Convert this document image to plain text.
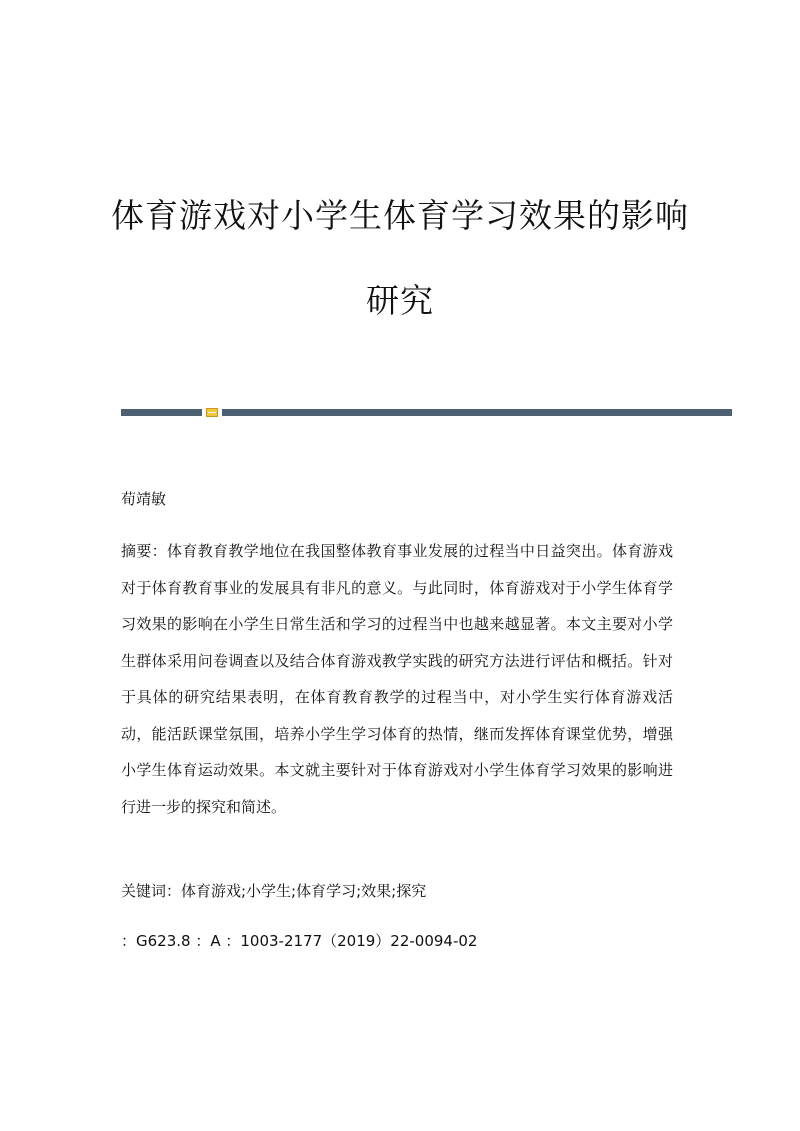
体育游戏对小学生体育学习效果的影响
研究
荀靖敏
摘要：体育教育教学地位在我国整体教育事业发展的过程当中日益突出。体育游戏对于体育教育事业的发展具有非凡的意义。与此同时，体育游戏对于小学生体育学习效果的影响在小学生日常生活和学习的过程当中也越来越显著。本文主要对小学生群体采用问卷调查以及结合体育游戏教学实践的研究方法进行评估和概括。针对于具体的研究结果表明，在体育教育教学的过程当中，对小学生实行体育游戏活动，能活跃课堂氛围，培养小学生学习体育的热情，继而发挥体育课堂优势，增强小学生体育运动效果。本文就主要针对于体育游戏对小学生体育学习效果的影响进行进一步的探究和简述。
关键词：体育游戏;小学生;体育学习;效果;探究
：G623.8 ：A ：1003-2177（2019）22-0094-02
